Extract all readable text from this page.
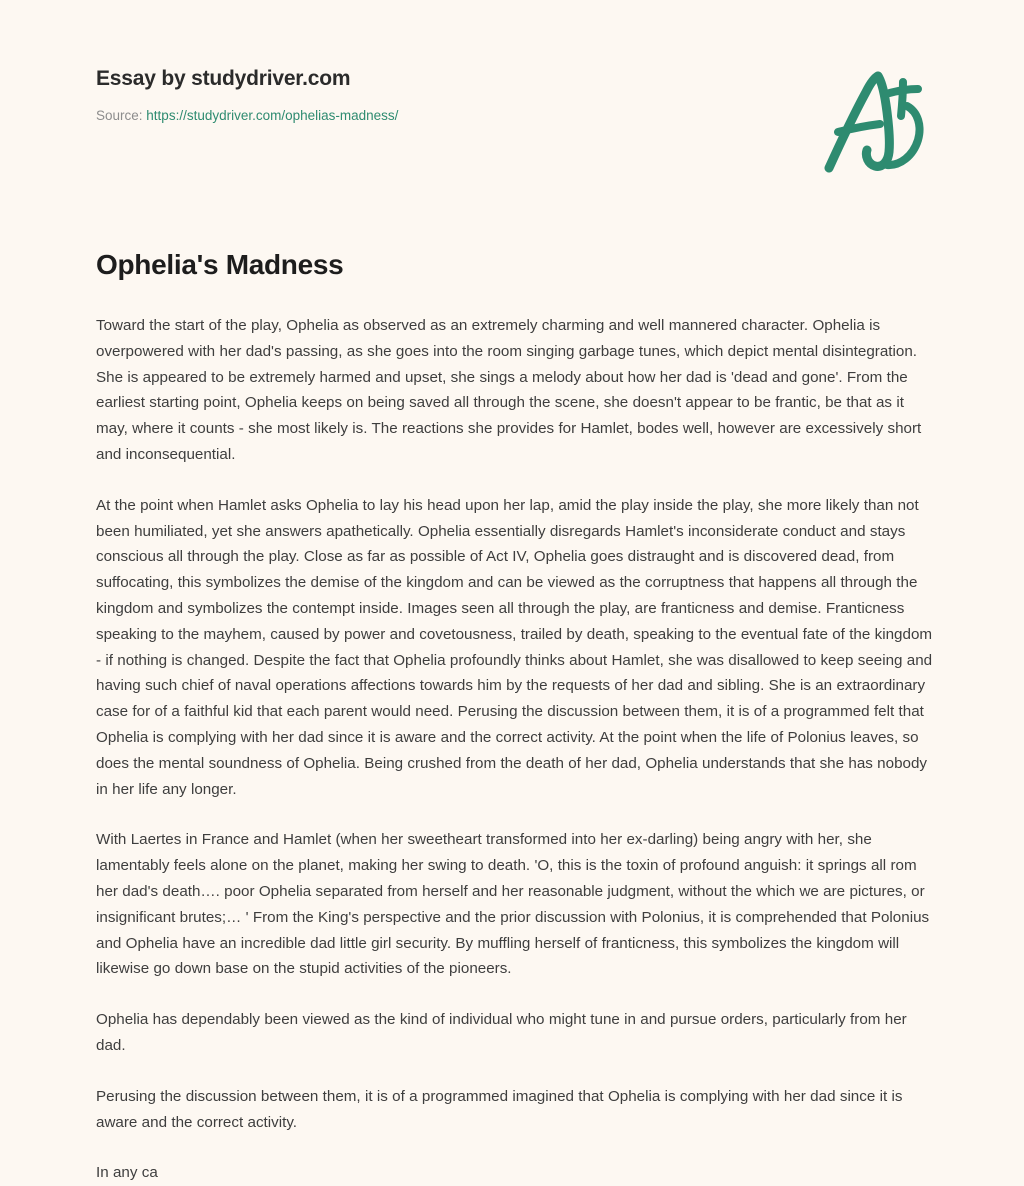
Essay by studydriver.com
Source: https://studydriver.com/ophelias-madness/
Ophelia's Madness

Toward the start of the play, Ophelia as observed as an extremely charming and well mannered character. Ophelia is overpowered with her dad's passing, as she goes into the room singing garbage tunes, which depict mental disintegration. She is appeared to be extremely harmed and upset, she sings a melody about how her dad is 'dead and gone'. From the earliest starting point, Ophelia keeps on being saved all through the scene, she doesn't appear to be frantic, be that as it may, where it counts - she most likely is. The reactions she provides for Hamlet, bodes well, however are excessively short and inconsequential.

At the point when Hamlet asks Ophelia to lay his head upon her lap, amid the play inside the play, she more likely than not been humiliated, yet she answers apathetically. Ophelia essentially disregards Hamlet's inconsiderate conduct and stays conscious all through the play. Close as far as possible of Act IV, Ophelia goes distraught and is discovered dead, from suffocating, this symbolizes the demise of the kingdom and can be viewed as the corruptness that happens all through the kingdom and symbolizes the contempt inside. Images seen all through the play, are franticness and demise. Franticness speaking to the mayhem, caused by power and covetousness, trailed by death, speaking to the eventual fate of the kingdom - if nothing is changed. Despite the fact that Ophelia profoundly thinks about Hamlet, she was disallowed to keep seeing and having such chief of naval operations affections towards him by the requests of her dad and sibling. She is an extraordinary case for of a faithful kid that each parent would need. Perusing the discussion between them, it is of a programmed felt that Ophelia is complying with her dad since it is aware and the correct activity. At the point when the life of Polonius leaves, so does the mental soundness of Ophelia. Being crushed from the death of her dad, Ophelia understands that she has nobody in her life any longer.

With Laertes in France and Hamlet (when her sweetheart transformed into her ex-darling) being angry with her, she lamentably feels alone on the planet, making her swing to death. 'O, this is the toxin of profound anguish: it springs all rom her dad's death…. poor Ophelia separated from herself and her reasonable judgment, without the which we are pictures, or insignificant brutes;… ' From the King's perspective and the prior discussion with Polonius, it is comprehended that Polonius and Ophelia have an incredible dad little girl security. By muffling herself of franticness, this symbolizes the kingdom will likewise go down base on the stupid activities of the pioneers.

Ophelia has dependably been viewed as the kind of individual who might tune in and pursue orders, particularly from her dad.

Perusing the discussion between them, it is of a programmed imagined that Ophelia is complying with her dad since it is aware and the correct activity.

In any ca
